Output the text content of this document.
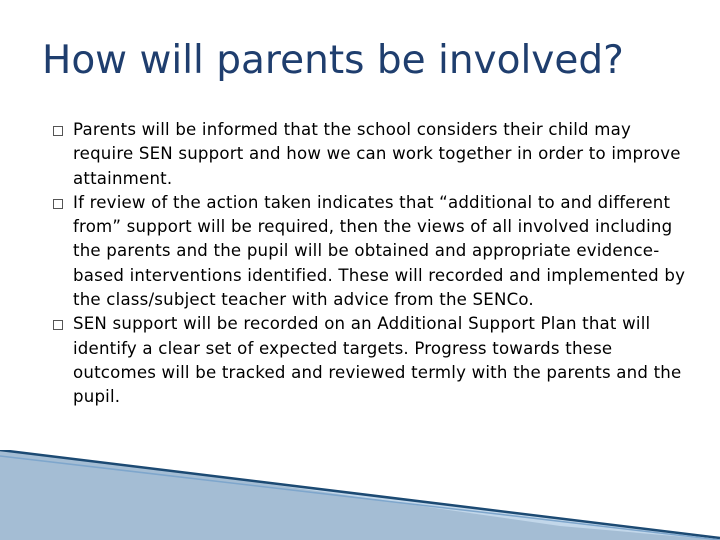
How will parents be involved?
Parents will be informed that the school considers their child may require SEN support and how we can work together in order to improve attainment.
If review of the action taken indicates that “additional to and different from” support will be required, then the views of all involved including the parents and the pupil will be obtained and appropriate evidence-based interventions identified. These will recorded and implemented by the class/subject teacher with advice from the SENCo.
SEN support will be recorded on an Additional Support Plan that will identify a clear set of expected targets. Progress towards these outcomes will be tracked and reviewed termly with the parents and the pupil.
